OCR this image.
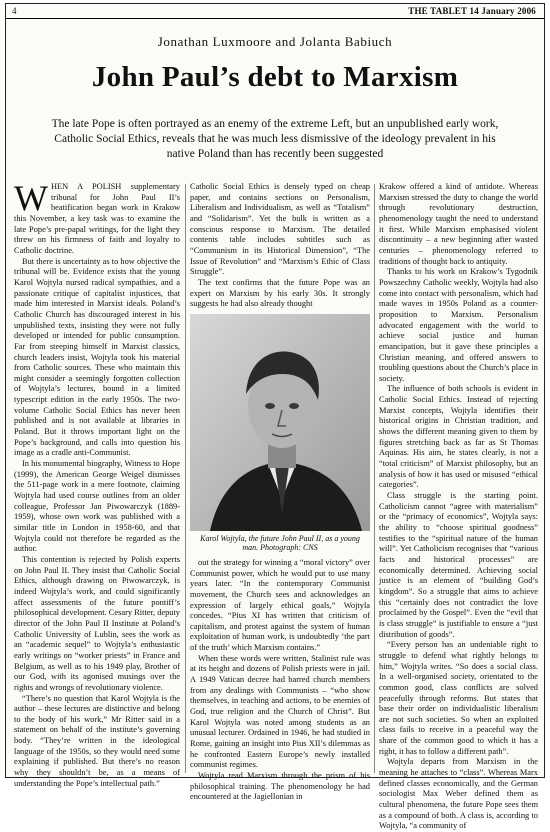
4	THE TABLET 14 January 2006
Jonathan Luxmoore and Jolanta Babiuch
John Paul’s debt to Marxism
The late Pope is often portrayed as an enemy of the extreme Left, but an unpublished early work, Catholic Social Ethics, reveals that he was much less dismissive of the ideology prevalent in his native Poland than has recently been suggested

WHEN A POLISH supplementary tribunal for John Paul II’s beatification began work in Krakow this November, a key task was to examine the late Pope’s pre-papal writings, for the light they threw on his firmness of faith and loyalty to Catholic doctrine.

But there is uncertainty as to how objective the tribunal will be. Evidence exists that the young Karol Wojtyla nursed radical sympathies, and a passionate critique of capitalist injustices, that made him interested in Marxist ideals. Poland’s Catholic Church has discouraged interest in his unpublished texts, insisting they were not fully developed or intended for public consumption. Far from steeping himself in Marxist classics, church leaders insist, Wojtyla took his material from Catholic sources. These who maintain this might consider a seemingly forgotten collection of Wojtyla’s lectures, bound in a limited typescript edition in the early 1950s. The two-volume Catholic Social Ethics has never been published and is not available at libraries in Poland. But it throws important light on the Pope’s background, and calls into question his image as a cradle anti-Communist.

In his monumental biography, Witness to Hope (1999), the American George Weigel dismisses the 511-page work in a mere footnote, claiming Wojtyla had used course outlines from an older colleague, Professor Jan Piwowarczyk (1889-1959), whose own work was published with a similar title in London in 1958-60, and that Wojtyla could not therefore be regarded as the author.

This contention is rejected by Polish experts on John Paul II. They insist that Catholic Social Ethics, although drawing on Piwowarczyk, is indeed Wojtyla’s work, and could significantly affect assessments of the future pontiff’s philosophical development. Cesary Ritter, deputy director of the John Paul II Institute at Poland’s Catholic University of Lublin, sees the work as an “academic sequel” to Wojtyla’s enthusiastic early writings on “worker priests” in France and Belgium, as well as to his 1949 play, Brother of our God, with its agonised musings over the rights and wrongs of revolutionary violence.

“There’s no question that Karol Wojtyla is the author – these lectures are distinctive and belong to the body of his work,” Mr Ritter said in a statement on behalf of the institute’s governing body. “They’re written in the ideological language of the 1950s, so they would need some explaining if published. But there’s no reason why they shouldn’t be, as a means of understanding the Pope’s intellectual path.”

Catholic Social Ethics is densely typed on cheap paper, and contains sections on Personalism, Liberalism and Individualism, as well as “Totalism” and “Solidarism”. Yet the bulk is written as a conscious response to Marxism. The detailed contents table includes subtitles such as “Communism in its Historical Dimension”, “The Issue of Revolution” and “Marxism’s Ethic of Class Struggle”.

The text confirms that the future Pope was an expert on Marxism by his early 30s. It strongly suggests he had also already thought

Karol Wojtyla, the future John Paul II, as a young man. Photograph: CNS

out the strategy for winning a “moral victory” over Communist power, which he would put to use many years later. “In the contemporary Communist movement, the Church sees and acknowledges an expression of largely ethical goals,” Wojtyla concedes. “Pius XI has written that criticism of capitalism, and protest against the system of human exploitation of human work, is undoubtedly ‘the part of the truth’ which Marxism contains.”

When these words were written, Stalinist rule was at its height and dozens of Polish priests were in jail. A 1949 Vatican decree had barred church members from any dealings with Communists – “who show themselves, in teaching and actions, to be enemies of God, true religion and the Church of Christ”. But Karol Wojtyla was noted among students as an unusual lecturer. Ordained in 1946, he had studied in Rome, gaining an insight into Pius XII’s dilemmas as he confronted Eastern Europe’s newly installed communist regimes.

Wojtyla read Marxism through the prism of his philosophical training. The phenomenology he had encountered at the Jagiellonian in

Krakow offered a kind of antidote. Whereas Marxism stressed the duty to change the world through revolutionary destruction, phenomenology taught the need to understand it first. While Marxism emphasised violent discontinuity – a new beginning after wasted centuries – phenomenology referred to traditions of thought back to antiquity.

Thanks to his work on Krakow’s Tygodnik Powszechny Catholic weekly, Wojtyla had also come into contact with personalism, which had made waves in 1950s Poland as a counter-proposition to Marxism. Personalism advocated engagement with the world to achieve social justice and human emancipation, but it gave these principles a Christian meaning, and offered answers to troubling questions about the Church’s place in society.

The influence of both schools is evident in Catholic Social Ethics. Instead of rejecting Marxist concepts, Wojtyla identifies their historical origins in Christian tradition, and shows the different meaning given to them by figures stretching back as far as St Thomas Aquinas. His aim, he states clearly, is not a “total criticism” of Marxist philosophy, but an analysis of how it has used or misused “ethical categories”.

Class struggle is the starting point. Catholicism cannot “agree with materialism” or the “primacy of economics”, Wojtyla says: the ability to “choose spiritual goodness” testifies to the “spiritual nature of the human will”. Yet Catholicism recognises that “various facts and historical processes” are economically determined. Achieving social justice is an element of “building God’s kingdom”. So a struggle that aims to achieve this “certainly does not contradict the love proclaimed by the Gospel”. Even the “evil that is class struggle” is justifiable to ensure a “just distribution of goods”.

“Every person has an undeniable right to struggle to defend what rightly belongs to him,” Wojtyla writes. “So does a social class. In a well-organised society, orientated to the common good, class conflicts are solved peacefully through reforms. But states that base their order on individualistic liberalism are not such societies. So when an exploited class fails to receive in a peaceful way the share of the common good to which it has a right, it has to follow a different path”.

Wojtyla departs from Marxism in the meaning he attaches to “class”. Whereas Marx defined classes economically, and the German sociologist Max Weber defined them as cultural phenomena, the future Pope sees them as a compound of both. A class is, according to Wojtyla, “a community of
